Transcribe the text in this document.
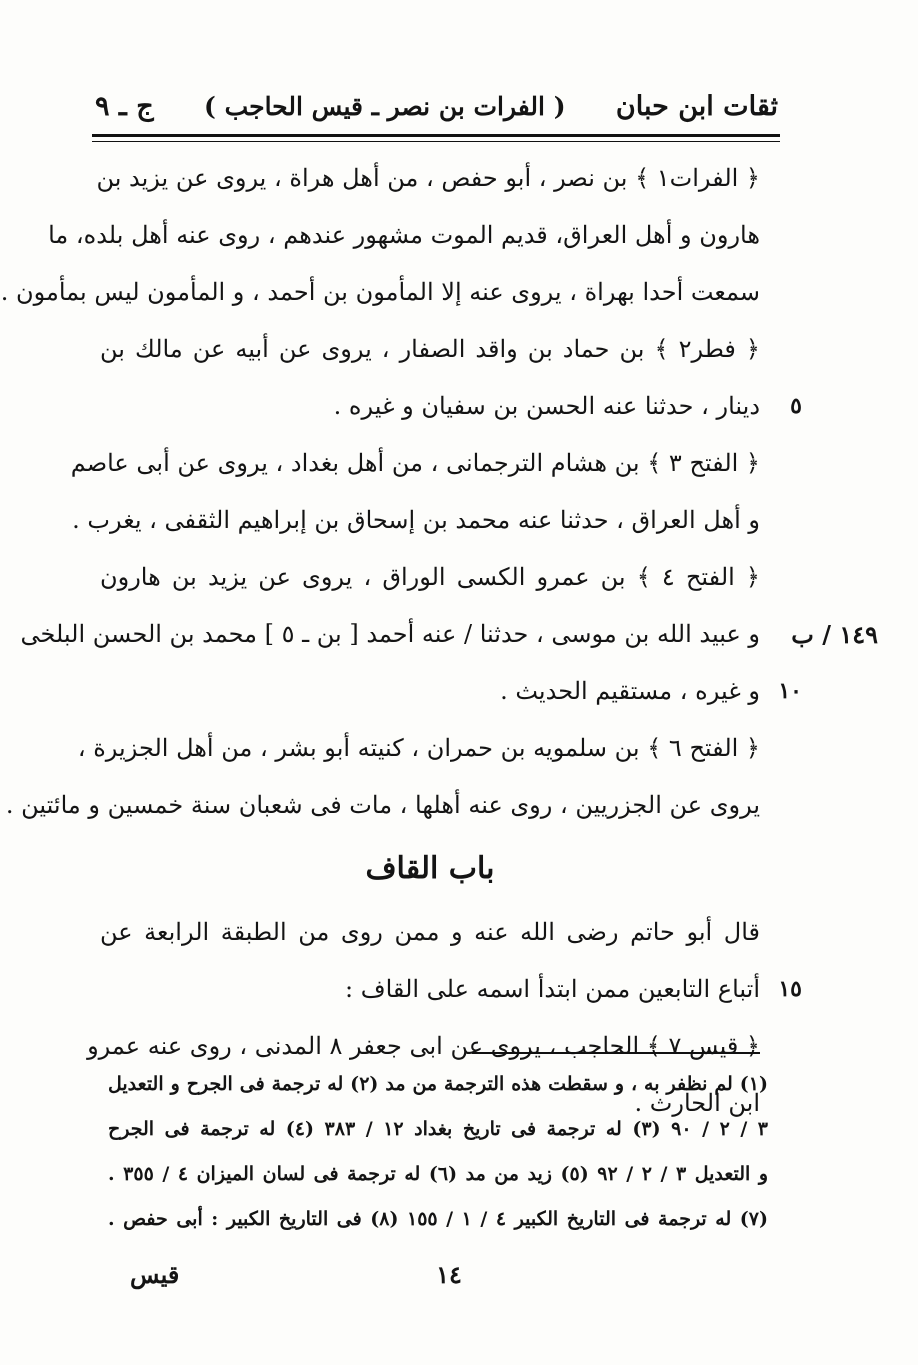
ثقات ابن حبان
( الفرات بن نصر ـ قيس الحاجب )
ج ـ ٩
﴿ الفرات١ ﴾ بن نصر ، أبو حفص ، من أهل هراة ، يروى عن يزيد بن
هارون و أهل العراق، قديم الموت مشهور عندهم ، روى عنه أهل بلده، ما
سمعت أحدا بهراة ، يروى عنه إلا المأمون بن أحمد ، و المأمون ليس بمأمون .
﴿ فطر٢ ﴾ بن حماد بن واقد الصفار ، يروى عن أبيه عن مالك بن
دينار ، حدثنا عنه الحسن بن سفيان و غيره . ٥
﴿ الفتح ٣ ﴾ بن هشام الترجمانى ، من أهل بغداد ، يروى عن أبى عاصم
و أهل العراق ، حدثنا عنه محمد بن إسحاق بن إبراهيم الثقفى ، يغرب .
﴿ الفتح ٤ ﴾ بن عمرو الكسى الوراق ، يروى عن يزيد بن هارون
و عبيد الله بن موسى ، حدثنا / عنه أحمد [ بن ـ ٥ ] محمد بن الحسن البلخى ١٤٩ / ب
و غيره ، مستقيم الحديث . ١٠
﴿ الفتح ٦ ﴾ بن سلمويه بن حمران ، كنيته أبو بشر ، من أهل الجزيرة ،
يروى عن الجزريين ، روى عنه أهلها ، مات فى شعبان سنة خمسين و مائتين .
باب القاف
قال أبو حاتم رضى الله عنه و ممن روى من الطبقة الرابعة عن
أتباع التابعين ممن ابتدأ اسمه على القاف : ١٥
﴿ قيس ٧ ﴾ الحاجب ، يروى عن ابى جعفر ٨ المدنى ، روى عنه عمرو
ابن الحارث .
(١) لم نظفر به ، و سقطت هذه الترجمة من مد (٢) له ترجمة فى الجرح و التعديل
٣ / ٢ / ٩٠ (٣) له ترجمة فى تاريخ بغداد ١٢ / ٣٨٣ (٤) له ترجمة فى الجرح
و التعديل ٣ / ٢ / ٩٢ (٥) زيد من مد (٦) له ترجمة فى لسان الميزان ٤ / ٣٥٥ .
(٧) له ترجمة فى التاريخ الكبير ٤ / ١ / ١٥٥ (٨) فى التاريخ الكبير : أبى حفص .
١٤
قيس
